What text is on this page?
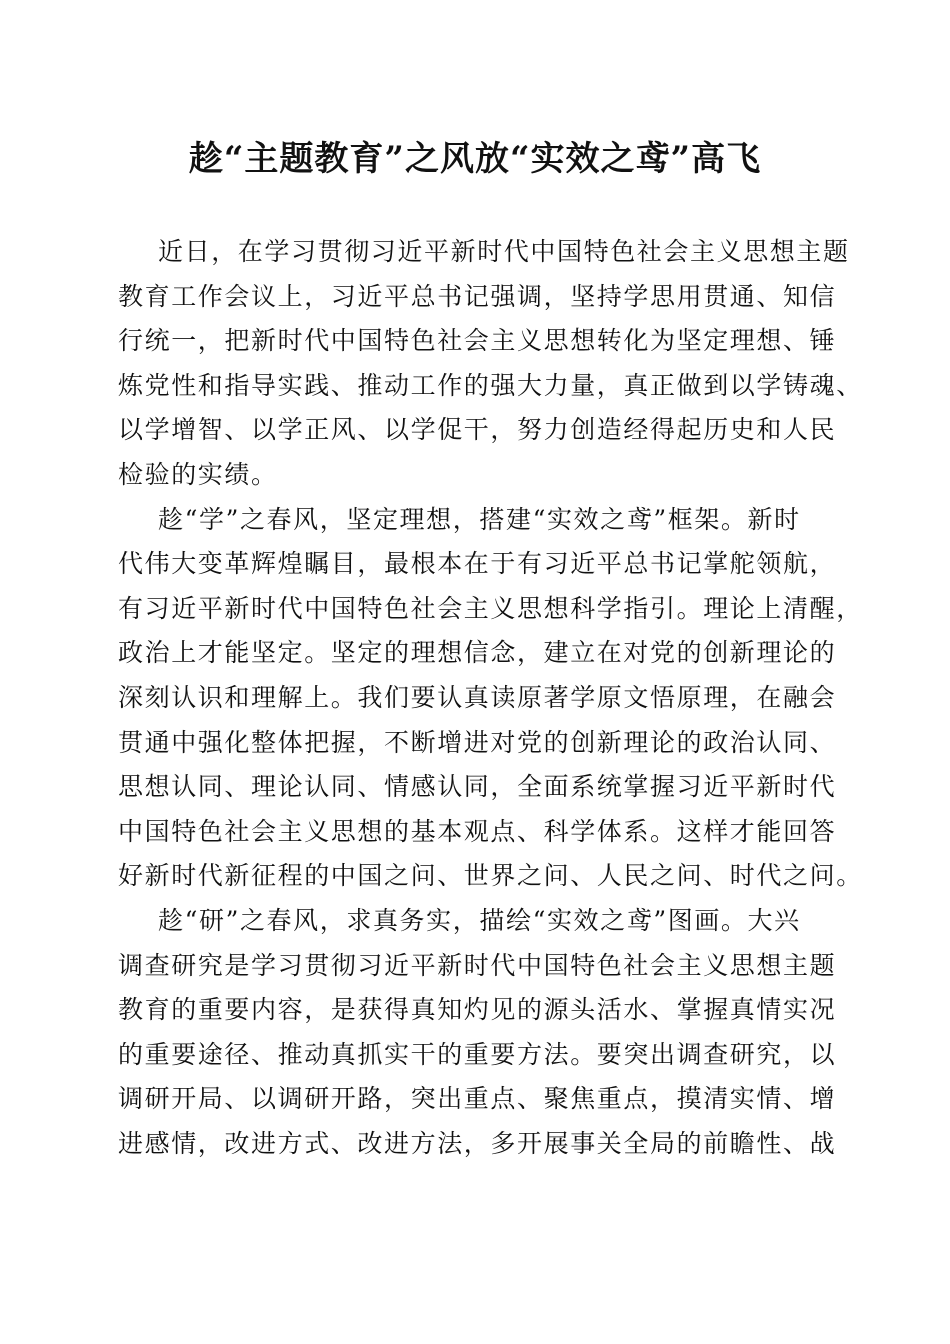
趁“主题教育”之风放“实效之鸢”高飞
近日，在学习贯彻习近平新时代中国特色社会主义思想主题
教育工作会议上，习近平总书记强调，坚持学思用贯通、知信
行统一，把新时代中国特色社会主义思想转化为坚定理想、锤
炼党性和指导实践、推动工作的强大力量，真正做到以学铸魂、
以学增智、以学正风、以学促干，努力创造经得起历史和人民
检验的实绩。
趁“学”之春风，坚定理想，搭建“实效之鸢”框架。新时
代伟大变革辉煌瞩目，最根本在于有习近平总书记掌舵领航，
有习近平新时代中国特色社会主义思想科学指引。理论上清醒，
政治上才能坚定。坚定的理想信念，建立在对党的创新理论的
深刻认识和理解上。我们要认真读原著学原文悟原理，在融会
贯通中强化整体把握，不断增进对党的创新理论的政治认同、
思想认同、理论认同、情感认同，全面系统掌握习近平新时代
中国特色社会主义思想的基本观点、科学体系。这样才能回答
好新时代新征程的中国之问、世界之问、人民之问、时代之问。
趁“研”之春风，求真务实，描绘“实效之鸢”图画。大兴
调查研究是学习贯彻习近平新时代中国特色社会主义思想主题
教育的重要内容，是获得真知灼见的源头活水、掌握真情实况
的重要途径、推动真抓实干的重要方法。要突出调查研究，以
调研开局、以调研开路，突出重点、聚焦重点，摸清实情、增
进感情，改进方式、改进方法，多开展事关全局的前瞻性、战
